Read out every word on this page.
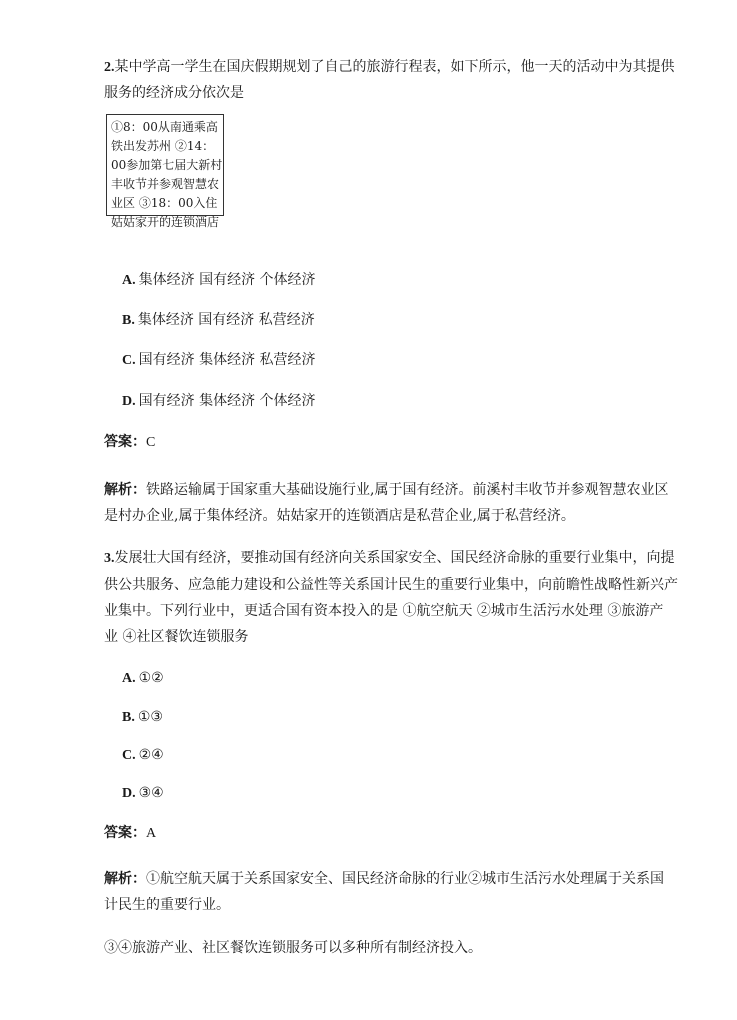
2.某中学高一学生在国庆假期规划了自己的旅游行程表，如下所示，他一天的活动中为其提供
服务的经济成分依次是
①8：00从南通乘高
铁出发苏州 ②14：
00参加第七届大新村
丰收节并参观智慧农
业区 ③18：00入住
姑姑家开的连锁酒店
A. 集体经济 国有经济 个体经济
B. 集体经济 国有经济 私营经济
C. 国有经济 集体经济 私营经济
D. 国有经济 集体经济 个体经济
答案：C
解析：铁路运输属于国家重大基础设施行业,属于国有经济。前溪村丰收节并参观智慧农业区
是村办企业,属于集体经济。姑姑家开的连锁酒店是私营企业,属于私营经济。
3.发展壮大国有经济，要推动国有经济向关系国家安全、国民经济命脉的重要行业集中，向提
供公共服务、应急能力建设和公益性等关系国计民生的重要行业集中，向前瞻性战略性新兴产
业集中。下列行业中，更适合国有资本投入的是 ①航空航天 ②城市生活污水处理 ③旅游产
业 ④社区餐饮连锁服务
A. ①②
B. ①③
C. ②④
D. ③④
答案：A
解析：①航空航天属于关系国家安全、国民经济命脉的行业②城市生活污水处理属于关系国
计民生的重要行业。
③④旅游产业、社区餐饮连锁服务可以多种所有制经济投入。
